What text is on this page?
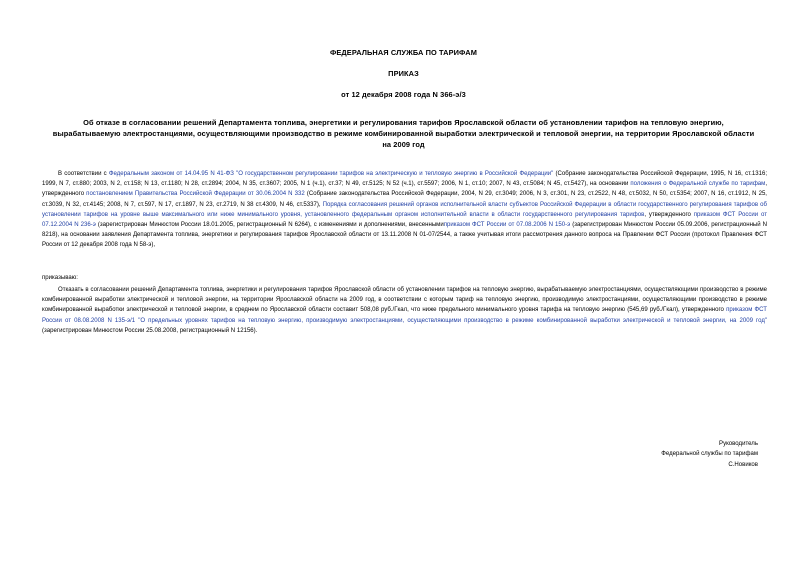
ФЕДЕРАЛЬНАЯ СЛУЖБА ПО ТАРИФАМ
ПРИКАЗ
от 12 декабря 2008 года N 366-э/3
Об отказе в согласовании решений Департамента топлива, энергетики и регулирования тарифов Ярославской области об установлении тарифов на тепловую энергию, вырабатываемую электростанциями, осуществляющими производство в режиме комбинированной выработки электрической и тепловой энергии, на территории Ярославской области на 2009 год
В соответствии с Федеральным законом от 14.04.95 N 41-ФЗ "О государственном регулировании тарифов на электрическую и тепловую энергию в Российской Федерации" (Собрание законодательства Российской Федерации, 1995, N 16, ст.1316; 1999, N 7, ст.880; 2003, N 2, ст.158; N 13, ст.1180; N 28, ст.2894; 2004, N 35, ст.3607; 2005, N 1 (ч.1), ст.37; N 49, ст.5125; N 52 (ч.1), ст.5597; 2006, N 1, ст.10; 2007, N 43, ст.5084; N 45, ст.5427), на основании положения о Федеральной службе по тарифам, утвержденного постановлением Правительства Российской Федерации от 30.06.2004 N 332 (Собрание законодательства Российской Федерации, 2004, N 29, ст.3049; 2006, N 3, ст.301, N 23, ст.2522, N 48, ст.5032, N 50, ст.5354; 2007, N 16, ст.1912, N 25, ст.3039, N 32, ст.4145; 2008, N 7, ст.597, N 17, ст.1897, N 23, ст.2719, N 38 ст.4309, N 46, ст.5337), Порядка согласования решений органов исполнительной власти субъектов Российской Федерации в области государственного регулирования тарифов об установлении тарифов на уровне выше максимального или ниже минимального уровня, установленного федеральным органом исполнительной власти в области государственного регулирования тарифов, утвержденного приказом ФСТ России от 07.12.2004 N 236-э (зарегистрирован Минюстом России 18.01.2005, регистрационный N 6264), с изменениями и дополнениями, внесеннымиприказом ФСТ России от 07.08.2006 N 150-э (зарегистрирован Минюстом России 05.09.2006, регистрационный N 8218), на основании заявления Департамента топлива, энергетики и регулирования тарифов Ярославской области от 13.11.2008 N 01-07/2544, а также учитывая итоги рассмотрения данного вопроса на Правлении ФСТ России (протокол Правления ФСТ России от 12 декабря 2008 года N 58-э),
приказываю:
Отказать в согласовании решений Департамента топлива, энергетики и регулирования тарифов Ярославской области об установлении тарифов на тепловую энергию, вырабатываемую электростанциями, осуществляющими производство в режиме комбинированной выработки электрической и тепловой энергии, на территории Ярославской области на 2009 год, в соответствии с которым тариф на тепловую энергию, производимую электростанциями, осуществляющими производство в режиме комбинированной выработки электрической и тепловой энергии, в среднем по Ярославской области составит 508,08 руб./Гкал, что ниже предельного минимального уровня тарифа на тепловую энергию (545,69 руб./Гкал), утвержденного приказом ФСТ России от 08.08.2008 N 135-э/1 "О предельных уровнях тарифов на тепловую энергию, производимую электростанциями, осуществляющими производство в режиме комбинированной выработки электрической и тепловой энергии, на 2009 год" (зарегистрирован Минюстом России 25.08.2008, регистрационный N 12156).
Руководитель
Федеральной службы по тарифам
С.Новиков
